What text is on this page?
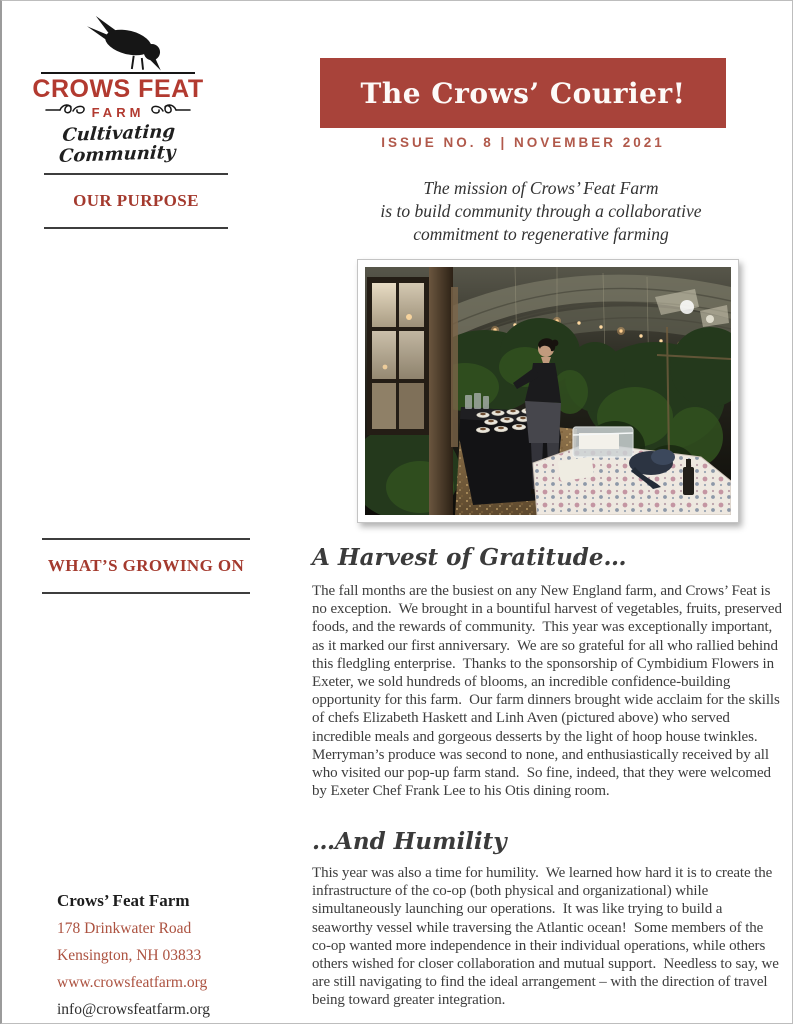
CROWS FEAT
FARM
Cultivating Community
OUR PURPOSE
WHAT’S GROWING ON
Crows’ Feat Farm
178 Drinkwater Road
Kensington, NH 03833
www.crowsfeatfarm.org
info@crowsfeatfarm.org
The Crows’ Courier!
ISSUE NO. 8 | NOVEMBER 2021
The mission of Crows’ Feat Farm
is to build community through a collaborative
commitment to regenerative farming
A Harvest of Gratitude…
The fall months are the busiest on any New England farm, and Crows’ Feat is no exception.  We brought in a bountiful harvest of vegetables, fruits, preserved foods, and the rewards of community.  This year was exceptionally important, as it marked our first anniversary.  We are so grateful for all who rallied behind this fledgling enterprise.  Thanks to the sponsorship of Cymbidium Flowers in Exeter, we sold hundreds of blooms, an incredible confidence-building opportunity for this farm.  Our farm dinners brought wide acclaim for the skills of chefs Elizabeth Haskett and Linh Aven (pictured above) who served incredible meals and gorgeous desserts by the light of hoop house twinkles.  Merryman’s produce was second to none, and enthusiastically received by all who visited our pop-up farm stand.  So fine, indeed, that they were welcomed by Exeter Chef Frank Lee to his Otis dining room.
…And Humility
This year was also a time for humility.  We learned how hard it is to create the infrastructure of the co-op (both physical and organizational) while simultaneously launching our operations.  It was like trying to build a seaworthy vessel while traversing the Atlantic ocean!  Some members of the co-op wanted more independence in their individual operations, while others others wished for closer collaboration and mutual support.  Needless to say, we are still navigating to find the ideal arrangement – with the direction of travel being toward greater integration.
